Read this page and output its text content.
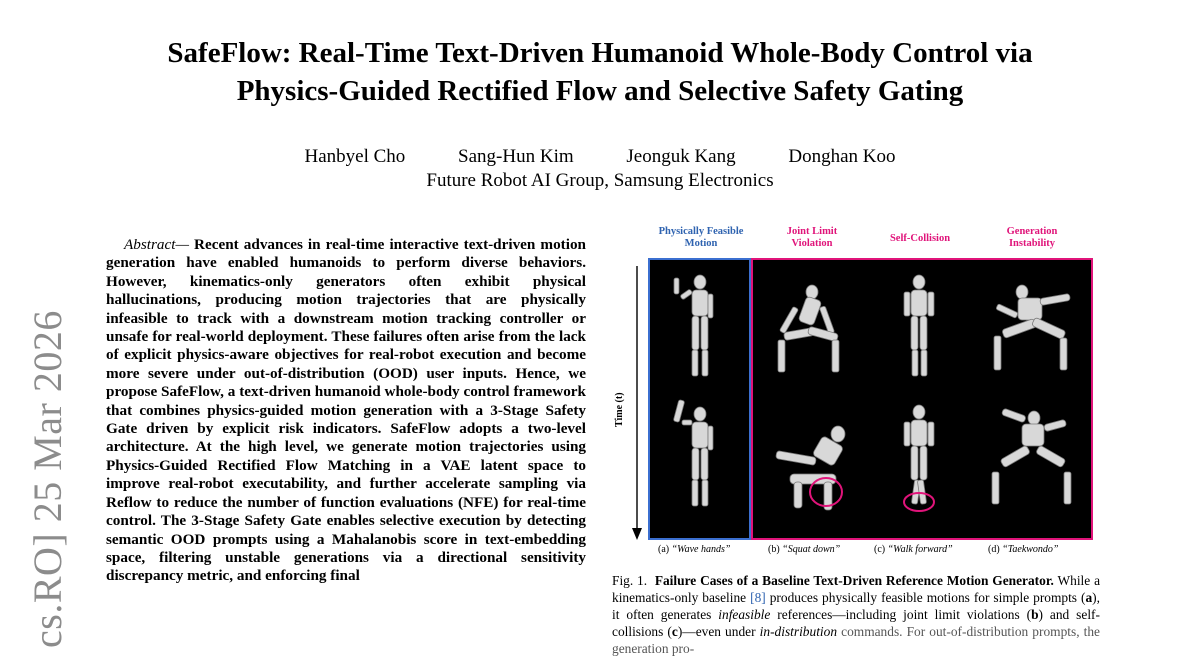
cs.RO] 25 Mar 2026
SafeFlow: Real-Time Text-Driven Humanoid Whole-Body Control via
Physics-Guided Rectified Flow and Selective Safety Gating
Hanbyel Cho	Sang-Hun Kim	Jeonguk Kang	Donghan Koo
Future Robot AI Group, Samsung Electronics

Abstract— Recent advances in real-time interactive text-driven motion generation have enabled humanoids to perform diverse behaviors. However, kinematics-only generators often exhibit physical hallucinations, producing motion trajectories that are physically infeasible to track with a downstream motion tracking controller or unsafe for real-world deployment. These failures often arise from the lack of explicit physics-aware objectives for real-robot execution and become more severe under out-of-distribution (OOD) user inputs. Hence, we propose SafeFlow, a text-driven humanoid whole-body control framework that combines physics-guided motion generation with a 3-Stage Safety Gate driven by explicit risk indicators. SafeFlow adopts a two-level architecture. At the high level, we generate motion trajectories using Physics-Guided Rectified Flow Matching in a VAE latent space to improve real-robot executability, and further accelerate sampling via Reflow to reduce the number of function evaluations (NFE) for real-time control. The 3-Stage Safety Gate enables selective execution by detecting semantic OOD prompts using a Mahalanobis score in text-embedding space, filtering unstable generations via a directional sensitivity discrepancy metric, and enforcing final

Physically Feasible Motion
Joint Limit Violation	Self-Collision
Generation Instability
Time (t)
(a) “Wave hands”	(b) “Squat down”	(c) “Walk forward”	(d) “Taekwondo”
Fig. 1. Failure Cases of a Baseline Text-Driven Reference Motion Generator. While a kinematics-only baseline [8] produces physically feasible motions for simple prompts (a), it often generates infeasible references—including joint limit violations (b) and self-collisions (c)—even under in-distribution commands. For out-of-distribution prompts, the generation pro-
